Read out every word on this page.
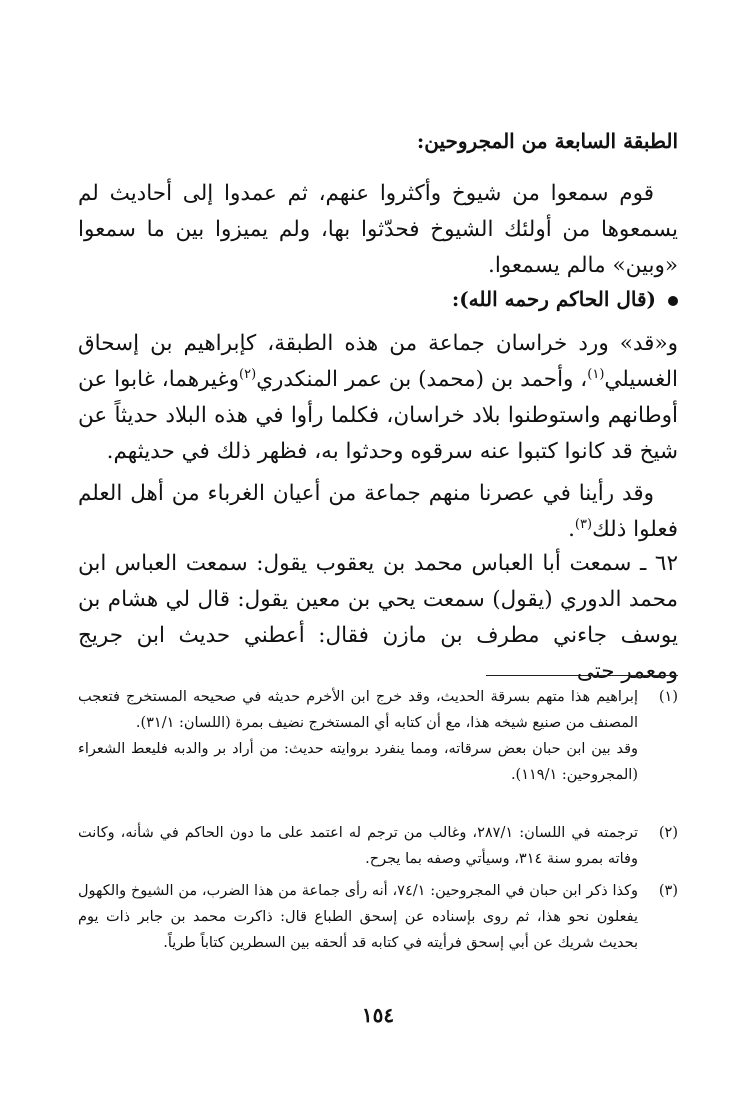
الطبقة السابعة من المجروحين:
قوم سمعوا من شيوخ وأكثروا عنهم، ثم عمدوا إلى أحاديث لم يسمعوها من أولئك الشيوخ فحدّثوا بها، ولم يميزوا بين ما سمعوا «وبين» مالم يسمعوا.
(قال الحاكم رحمه الله):
و«قد» ورد خراسان جماعة من هذه الطبقة، كإبراهيم بن إسحاق الغسيلي$^{(١)}$، وأحمد بن (محمد) بن عمر المنكدري$^{(٢)}$وغيرهما، غابوا عن أوطانهم واستوطنوا بلاد خراسان، فكلما رأوا في هذه البلاد حديثاً عن شيخ قد كانوا كتبوا عنه سرقوه وحدثوا به، فظهر ذلك في حديثهم.
وقد رأينا في عصرنا منهم جماعة من أعيان الغرباء من أهل العلم فعلوا ذلك$^{(٣)}$.
٦٢ ـ سمعت أبا العباس محمد بن يعقوب يقول: سمعت العباس ابن محمد الدوري (يقول) سمعت يحي بن معين يقول: قال لي هشام بن يوسف جاءني مطرف بن مازن فقال: أعطني حديث ابن جريج ومعمر حتى
(١)
إبراهيم هذا متهم بسرقة الحديث، وقد خرج ابن الأخرم حديثه في صحيحه المستخرج فتعجب المصنف من صنيع شيخه هذا، مع أن كتابه أي المستخرج نضيف بمرة (اللسان: ٣١/١).
وقد بين ابن حبان بعض سرقاته، ومما ينفرد بروايته حديث: من أراد بر والدبه فليعط الشعراء (المجروحين: ١١٩/١).
(٢)
ترجمته في اللسان: ٢٨٧/١، وغالب من ترجم له اعتمد على ما دون الحاكم في شأنه، وكانت وفاته بمرو سنة ٣١٤، وسيأتي وصفه بما يجرح.
(٣)
وكذا ذكر ابن حبان في المجروحين: ٧٤/١، أنه رأى جماعة من هذا الضرب، من الشيوخ والكهول يفعلون نحو هذا، ثم روى بإسناده عن إسحق الطباع قال: ذاكرت محمد بن جابر ذات يوم بحديث شريك عن أبي إسحق فرأيته في كتابه قد ألحقه بين السطرين كتاباً طرياً.
١٥٤
